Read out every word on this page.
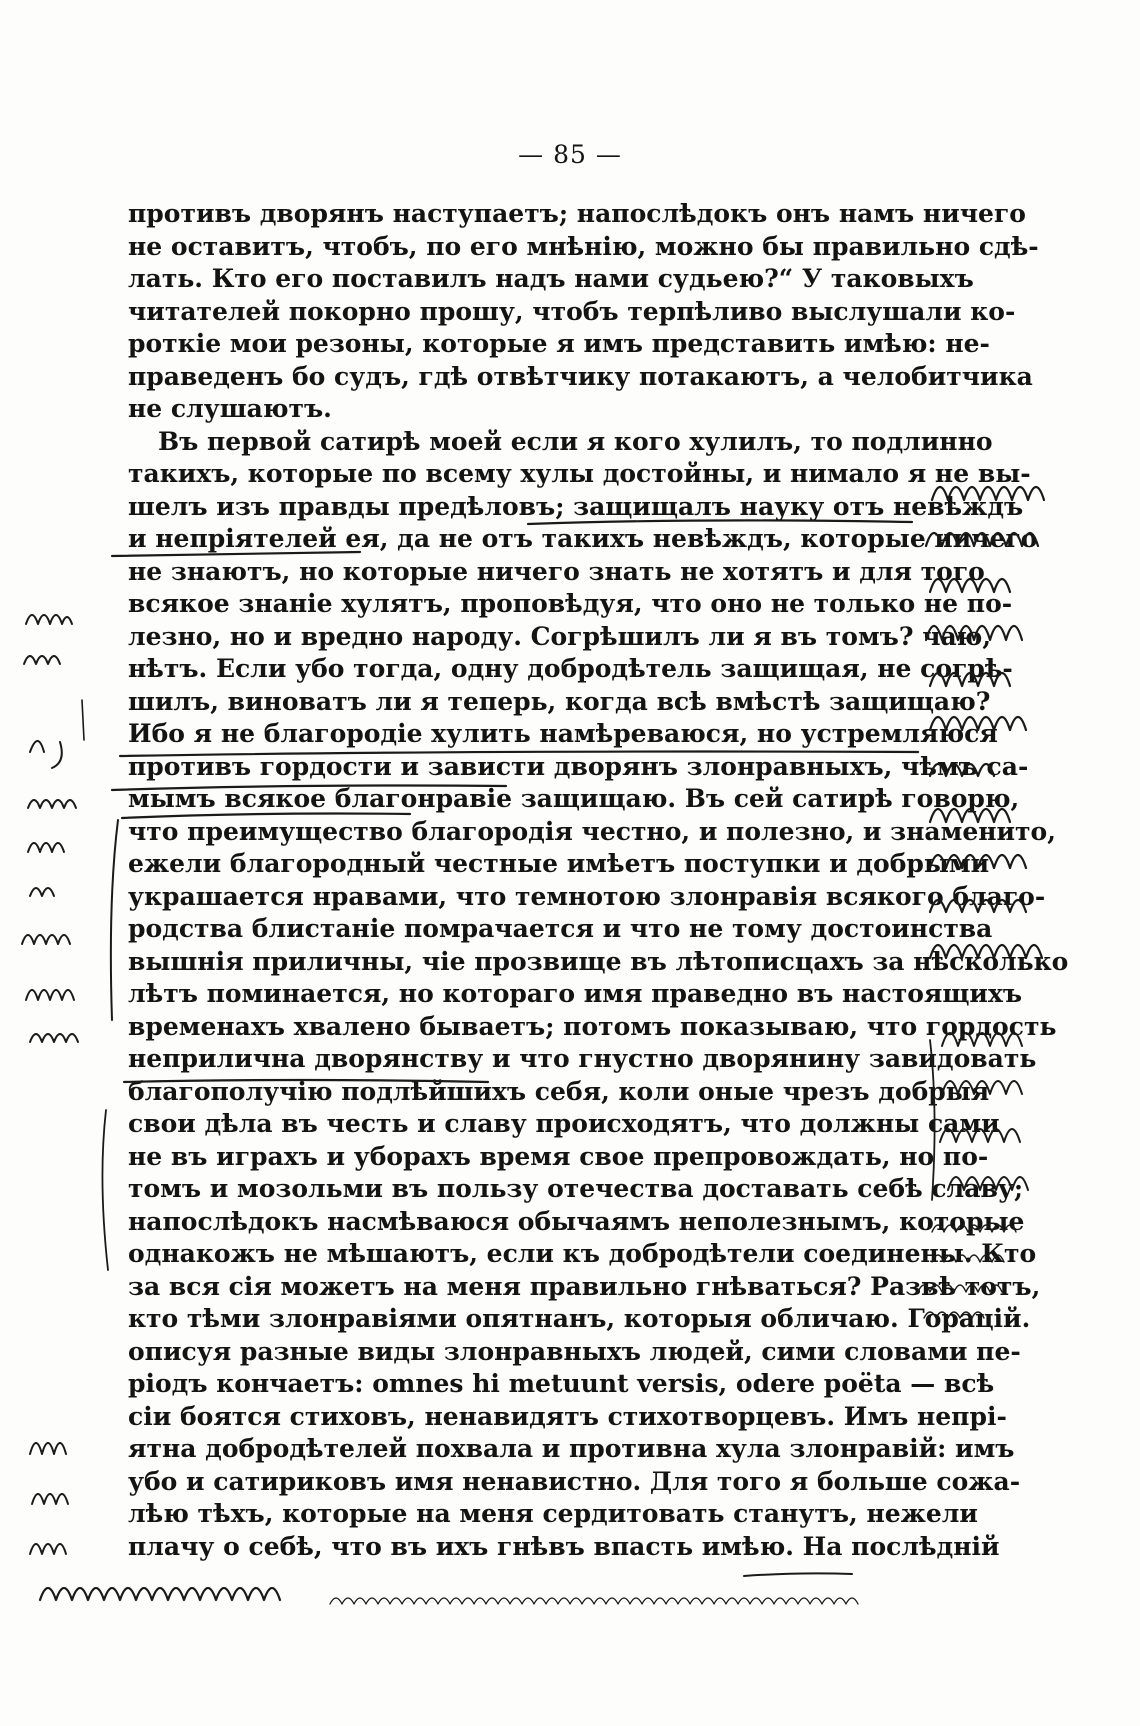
— 85 —
противъ дворянъ наступаетъ; напослѣдокъ онъ намъ ничего
не оставитъ, чтобъ, по его мнѣнію, можно бы правильно сдѣ-
лать. Кто его поставилъ надъ нами судьею?“ У таковыхъ
читателей покорно прошу, чтобъ терпѣливо выслушали ко-
роткіе мои резоны, которые я имъ представить имѣю: не-
праведенъ бо судъ, гдѣ отвѣтчику потакаютъ, а челобитчика
не слушаютъ.
Въ первой сатирѣ моей если я кого хулилъ, то подлинно
такихъ, которые по всему хулы достойны, и нимало я не вы-
шелъ изъ правды предѣловъ; защищалъ науку отъ невѣждъ
и непріятелей ея, да не отъ такихъ невѣждъ, которые ничего
не знаютъ, но которые ничего знать не хотятъ и для того
всякое знаніе хулятъ, проповѣдуя, что оно не только не по-
лезно, но и вредно народу. Согрѣшилъ ли я въ томъ? чаю,
нѣтъ. Если убо тогда, одну добродѣтель защищая, не согрѣ-
шилъ, виноватъ ли я теперь, когда всѣ вмѣстѣ защищаю?
Ибо я не благородіе хулить намѣреваюся, но устремляюся
противъ гордости и зависти дворянъ злонравныхъ, чѣмъ са-
мымъ всякое благонравіе защищаю. Въ сей сатирѣ говорю,
что преимущество благородія честно, и полезно, и знаменито,
ежели благородный честные имѣетъ поступки и добрыми
украшается нравами, что темнотою злонравія всякого благо-
родства блистаніе помрачается и что не тому достоинства
вышнія приличны, чіе прозвище въ лѣтописцахъ за нѣсколько
лѣтъ поминается, но котораго имя праведно въ настоящихъ
временахъ хвалено бываетъ; потомъ показываю, что гордость
неприлична дворянству и что гнустно дворянину завидовать
благополучію подлѣйшихъ себя, коли оные чрезъ добрыя
свои дѣла въ честь и славу происходятъ, что должны сами
не въ играхъ и уборахъ время свое препровождать, но по-
томъ и мозольми въ пользу отечества доставать себѣ славу;
напослѣдокъ насмѣваюся обычаямъ неполезнымъ, которые
однакожъ не мѣшаютъ, если къ добродѣтели соединены. Кто
за вся сія можетъ на меня правильно гнѣваться? Развѣ тотъ,
кто тѣми злонравіями опятнанъ, которыя обличаю. Горацій.
описуя разные виды злонравныхъ людей, сими словами пе-
ріодъ кончаетъ: omnes hi metuunt versis, odere poëta — всѣ
сіи боятся стиховъ, ненавидятъ стихотворцевъ. Имъ непрі-
ятна добродѣтелей похвала и противна хула злонравій: имъ
убо и сатириковъ имя ненавистно. Для того я больше сожа-
лѣю тѣхъ, которые на меня сердитовать станутъ, нежели
плачу о себѣ, что въ ихъ гнѣвъ впасть имѣю. На послѣдній
